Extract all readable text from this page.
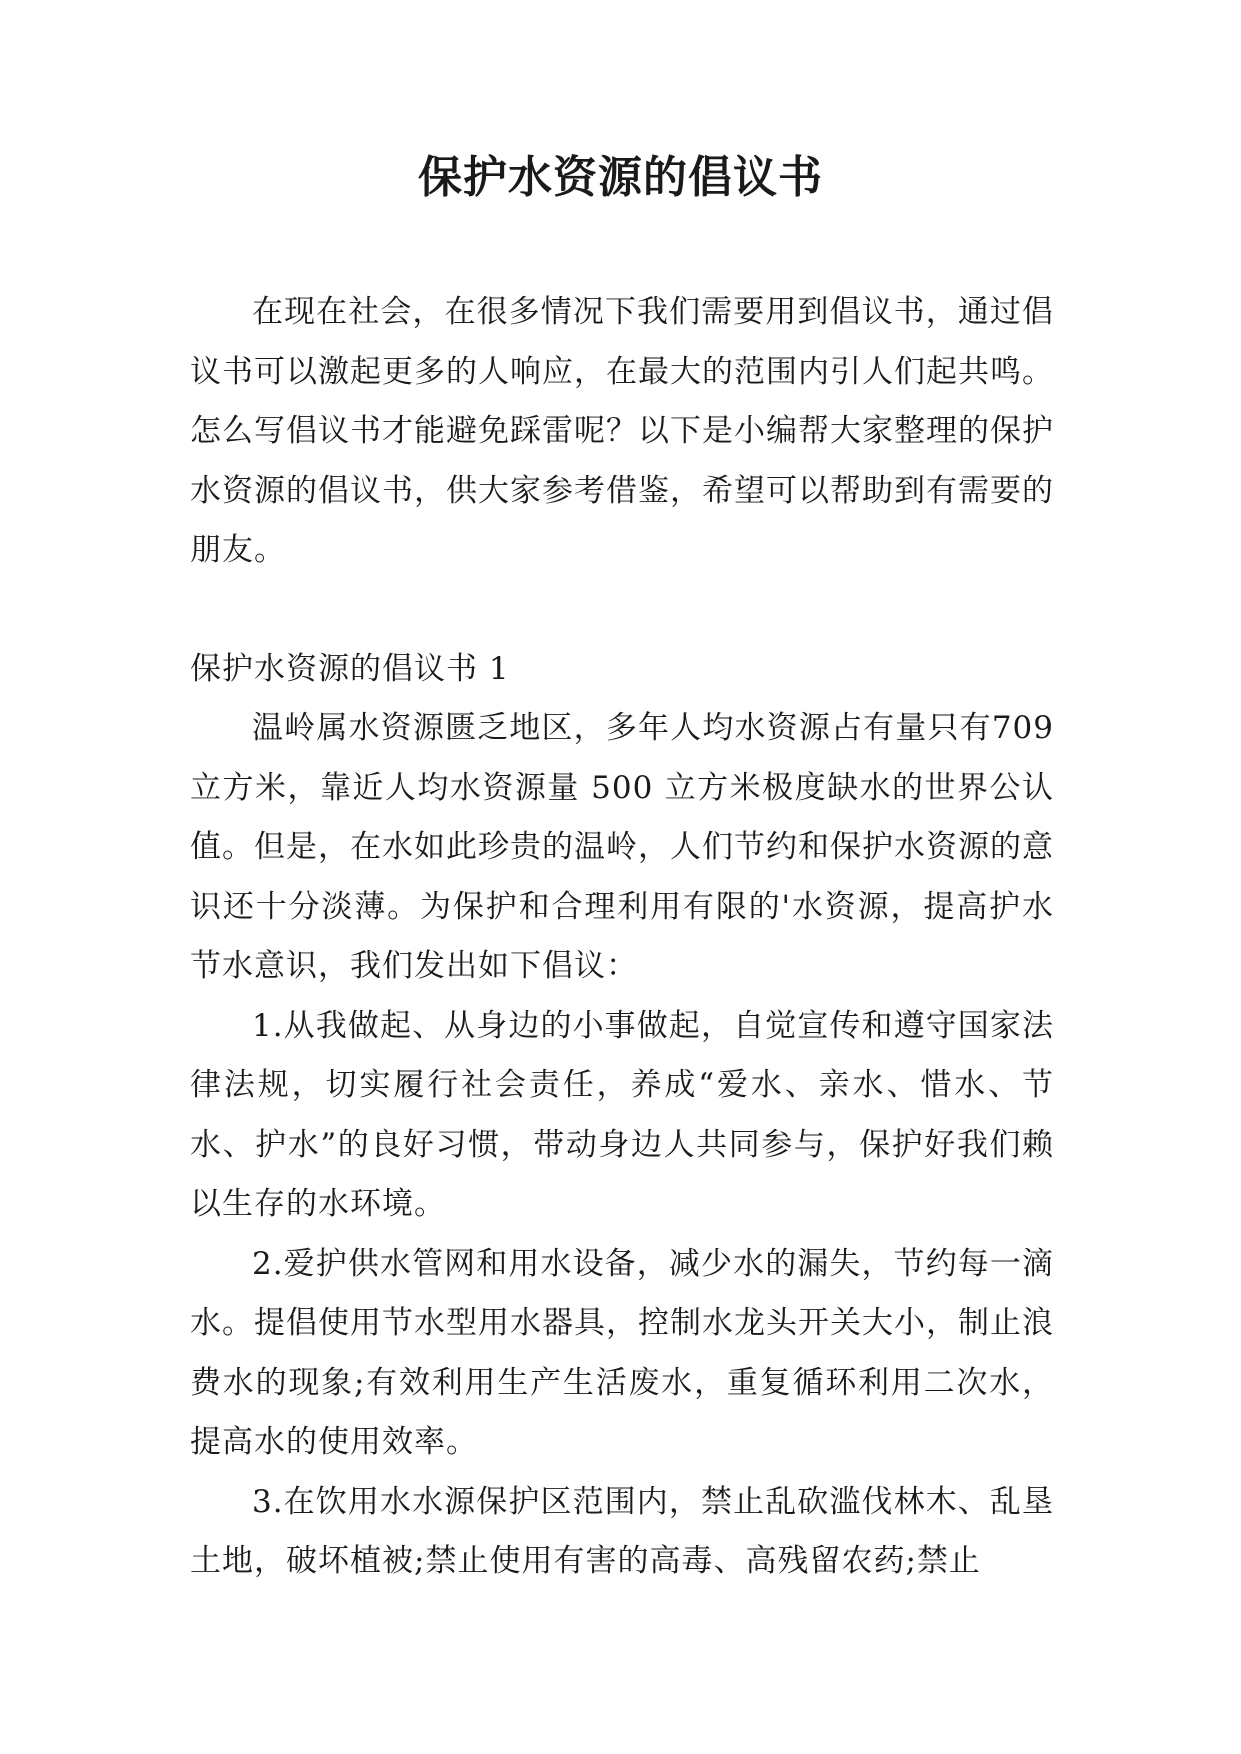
保护水资源的倡议书

在现在社会，在很多情况下我们需要用到倡议书，通过倡议书可以激起更多的人响应，在最大的范围内引人们起共鸣。怎么写倡议书才能避免踩雷呢？以下是小编帮大家整理的保护水资源的倡议书，供大家参考借鉴，希望可以帮助到有需要的朋友。

保护水资源的倡议书 1

温岭属水资源匮乏地区，多年人均水资源占有量只有709 立方米，靠近人均水资源量 500 立方米极度缺水的世界公认值。但是，在水如此珍贵的温岭，人们节约和保护水资源的意识还十分淡薄。为保护和合理利用有限的'水资源，提高护水节水意识，我们发出如下倡议：

1.从我做起、从身边的小事做起，自觉宣传和遵守国家法律法规，切实履行社会责任，养成“爱水、亲水、惜水、节水、护水”的良好习惯，带动身边人共同参与，保护好我们赖以生存的水环境。

2.爱护供水管网和用水设备，减少水的漏失，节约每一滴水。提倡使用节水型用水器具，控制水龙头开关大小，制止浪费水的现象;有效利用生产生活废水，重复循环利用二次水，提高水的使用效率。

3.在饮用水水源保护区范围内，禁止乱砍滥伐林木、乱垦土地，破坏植被;禁止使用有害的高毒、高残留农药;禁止
